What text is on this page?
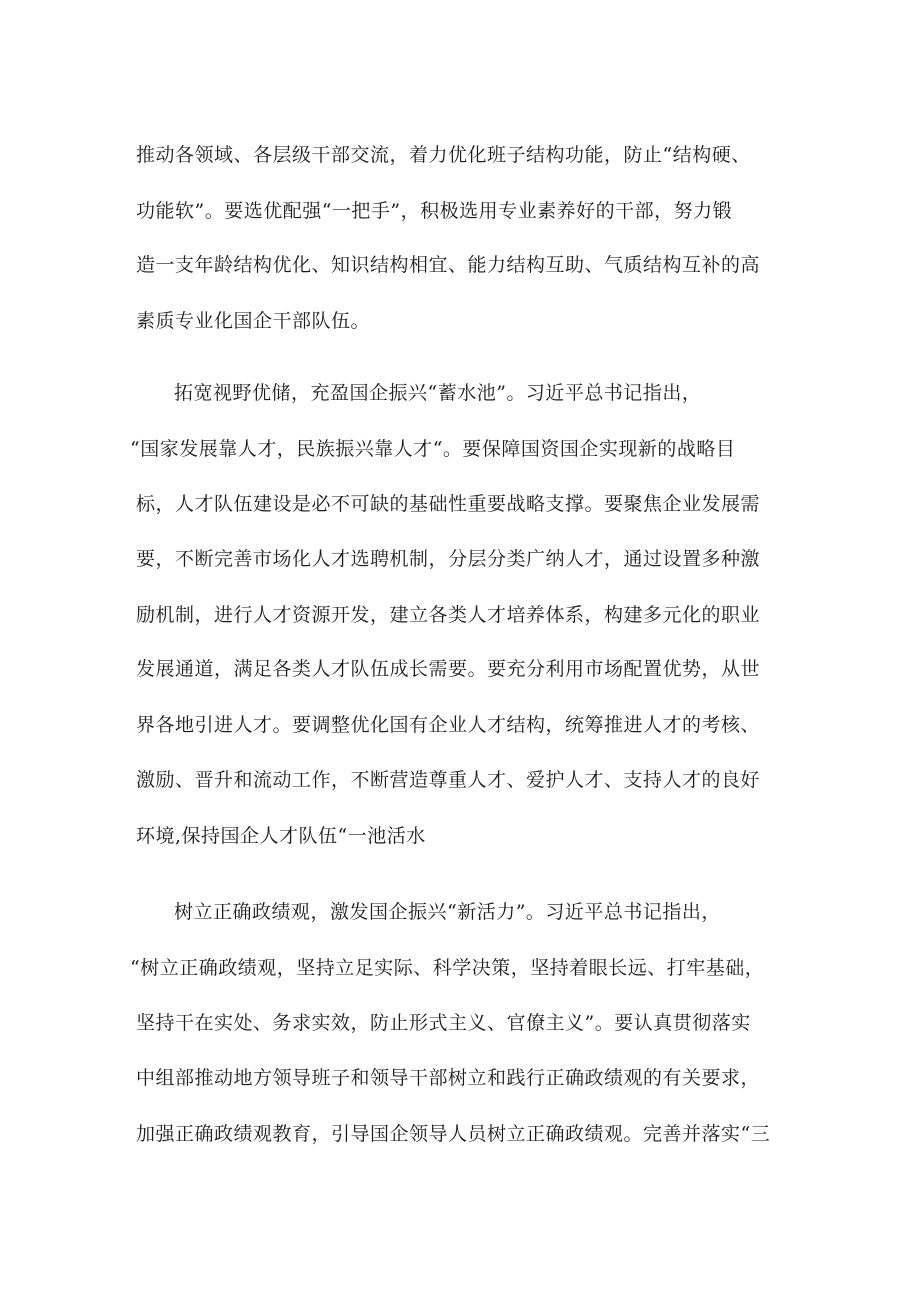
推动各领域、各层级干部交流，着力优化班子结构功能，防止“结构硬、
功能软”。要选优配强“一把手”，积极选用专业素养好的干部，努力锻
造一支年龄结构优化、知识结构相宜、能力结构互助、气质结构互补的高
素质专业化国企干部队伍。
拓宽视野优储，充盈国企振兴“蓄水池”。习近平总书记指出，
“国家发展靠人才，民族振兴靠人才“。要保障国资国企实现新的战略目
标，人才队伍建设是必不可缺的基础性重要战略支撑。要聚焦企业发展需
要，不断完善市场化人才选聘机制，分层分类广纳人才，通过设置多种激
励机制，进行人才资源开发，建立各类人才培养体系，构建多元化的职业
发展通道，满足各类人才队伍成长需要。要充分利用市场配置优势，从世
界各地引进人才。要调整优化国有企业人才结构，统筹推进人才的考核、
激励、晋升和流动工作，不断营造尊重人才、爱护人才、支持人才的良好
环境,保持国企人才队伍“一池活水
树立正确政绩观，激发国企振兴“新活力”。习近平总书记指出，
“树立正确政绩观，坚持立足实际、科学决策，坚持着眼长远、打牢基础，
坚持干在实处、务求实效，防止形式主义、官僚主义”。要认真贯彻落实
中组部推动地方领导班子和领导干部树立和践行正确政绩观的有关要求，
加强正确政绩观教育，引导国企领导人员树立正确政绩观。完善并落实“三
